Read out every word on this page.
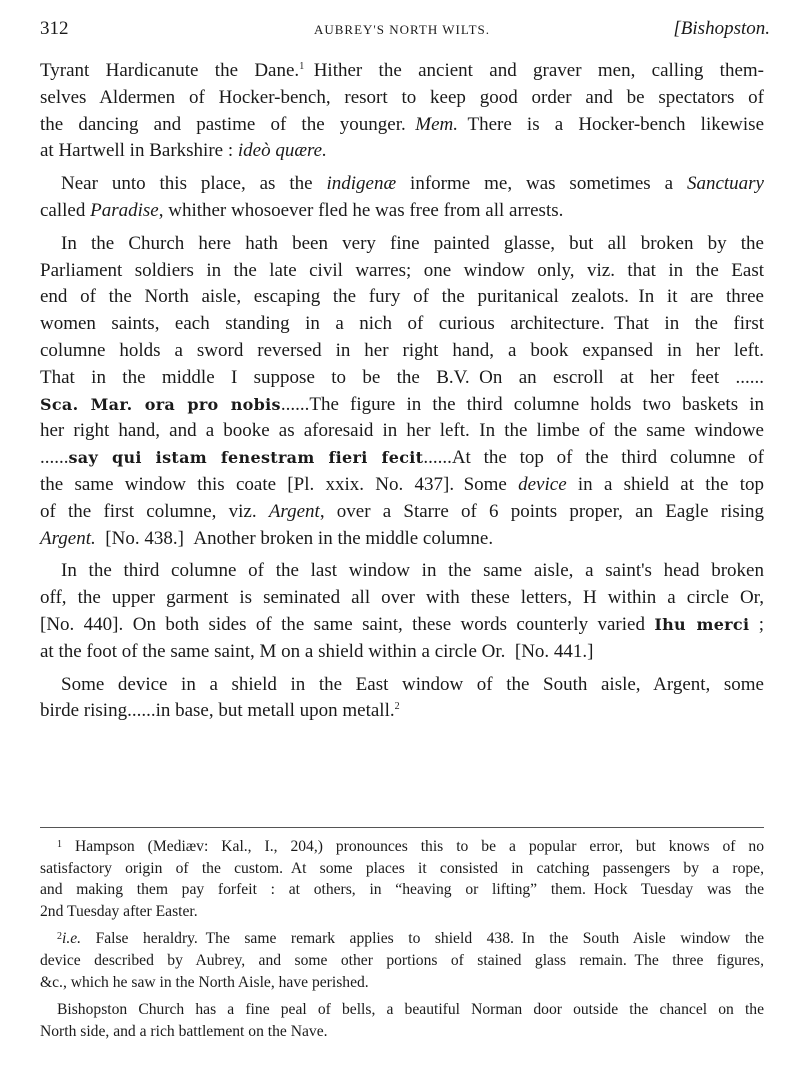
312	AUBREY'S NORTH WILTS.	[Bishopston.
Tyrant Hardicanute the Dane.$^1$ Hither the ancient and graver men, calling them-
selves Aldermen of Hocker-bench, resort to keep good order and be spectators of
the dancing and pastime of the younger. Mem. There is a Hocker-bench likewise
at Hartwell in Barkshire : ideò quære.
Near unto this place, as the indigenæ informe me, was sometimes a Sanctuary
called Paradise, whither whosoever fled he was free from all arrests.
In the Church here hath been very fine painted glasse, but all broken by the
Parliament soldiers in the late civil warres; one window only, viz. that in the East
end of the North aisle, escaping the fury of the puritanical zealots. In it are three
women saints, each standing in a nich of curious architecture. That in the first
columne holds a sword reversed in her right hand, a book expansed in her left.
That in the middle I suppose to be the B.V. On an escroll at her feet ......
Sca. Mar. ora pro nobis......The figure in the third columne holds two baskets in
her right hand, and a booke as aforesaid in her left. In the limbe of the same windowe
......say qui istam fenestram fieri fecit......At the top of the third columne of
the same window this coate [Pl. xxix. No. 437]. Some device in a shield at the top
of the first columne, viz. Argent, over a Starre of 6 points proper, an Eagle rising
Argent. [No. 438.] Another broken in the middle columne.
In the third columne of the last window in the same aisle, a saint's head broken
off, the upper garment is seminated all over with these letters, H within a circle Or,
[No. 440]. On both sides of the same saint, these words counterly varied Ihu merci ;
at the foot of the same saint, M on a shield within a circle Or. [No. 441.]
Some device in a shield in the East window of the South aisle, Argent, some
birde rising......in base, but metall upon metall.$^2$
$^1$ Hampson (Mediæv: Kal., I., 204,) pronounces this to be a popular error, but knows of no
satisfactory origin of the custom. At some places it consisted in catching passengers by a rope,
and making them pay forfeit : at others, in “heaving or lifting” them. Hock Tuesday was the
2nd Tuesday after Easter.
$^2$i.e. False heraldry. The same remark applies to shield 438. In the South Aisle window the
device described by Aubrey, and some other portions of stained glass remain. The three figures,
&c., which he saw in the North Aisle, have perished.
Bishopston Church has a fine peal of bells, a beautiful Norman door outside the chancel on the
North side, and a rich battlement on the Nave.
